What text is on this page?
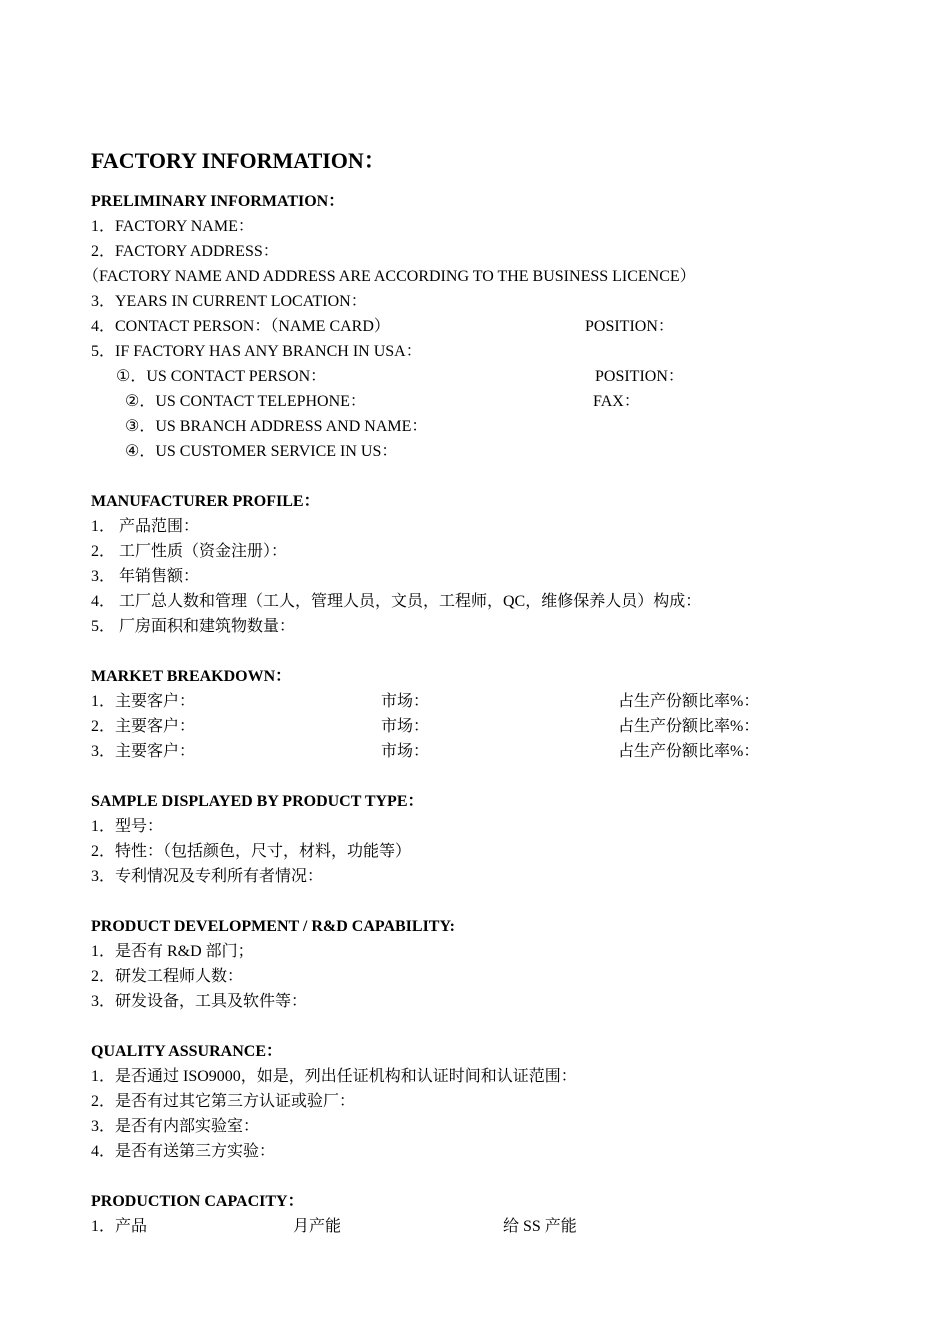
FACTORY INFORMATION：
PRELIMINARY INFORMATION：
1．FACTORY NAME：
2．FACTORY ADDRESS：
（FACTORY NAME AND ADDRESS ARE ACCORDING TO THE BUSINESS LICENCE）
3．YEARS IN CURRENT LOCATION：
4．CONTACT PERSON：（NAME CARD）	POSITION：
5．IF FACTORY HAS ANY BRANCH IN USA：
①．US CONTACT PERSON：	POSITION：
②．US CONTACT TELEPHONE：	FAX：
③．US BRANCH ADDRESS AND NAME：
④．US CUSTOMER SERVICE IN US：
MANUFACTURER PROFILE：
1． 产品范围：
2． 工厂性质（资金注册）：
3． 年销售额：
4． 工厂总人数和管理（工人，管理人员，文员，工程师，QC，维修保养人员）构成：
5． 厂房面积和建筑物数量：
MARKET BREAKDOWN：
1．主要客户：	市场：	占生产份额比率%：
2．主要客户：	市场：	占生产份额比率%：
3．主要客户：	市场：	占生产份额比率%：
SAMPLE DISPLAYED BY PRODUCT TYPE：
1．型号：
2．特性：（包括颜色，尺寸，材料，功能等）
3．专利情况及专利所有者情况：
PRODUCT DEVELOPMENT / R&D CAPABILITY:
1．是否有 R&D 部门；
2．研发工程师人数：
3．研发设备，工具及软件等：
QUALITY ASSURANCE：
1．是否通过 ISO9000，如是，列出任证机构和认证时间和认证范围：
2．是否有过其它第三方认证或验厂：
3．是否有内部实验室：
4．是否有送第三方实验：
PRODUCTION CAPACITY：
1．产品	月产能	给 SS 产能
